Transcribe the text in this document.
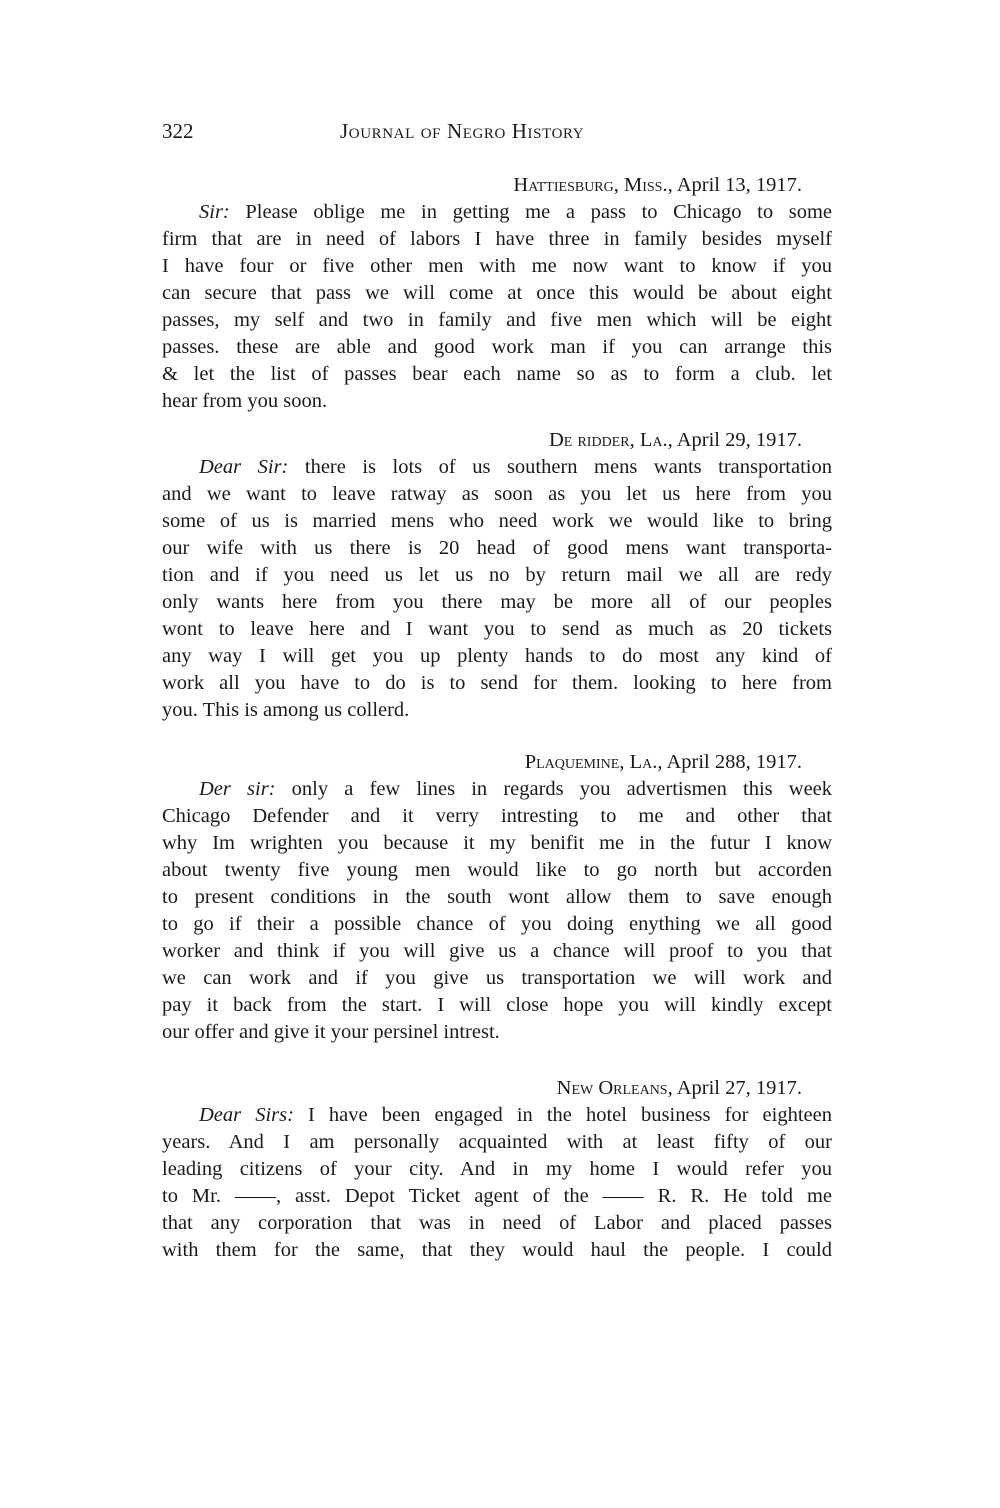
322	Journal of Negro History
Hattiesburg, Miss., April 13, 1917.
Sir: Please oblige me in getting me a pass to Chicago to some
firm that are in need of labors I have three in family besides myself
I have four or five other men with me now want to know if you
can secure that pass we will come at once this would be about eight
passes, my self and two in family and five men which will be eight
passes. these are able and good work man if you can arrange this
& let the list of passes bear each name so as to form a club. let
hear from you soon.
De ridder, La., April 29, 1917.
Dear Sir: there is lots of us southern mens wants transportation
and we want to leave ratway as soon as you let us here from you
some of us is married mens who need work we would like to bring
our wife with us there is 20 head of good mens want transporta-
tion and if you need us let us no by return mail we all are redy
only wants here from you there may be more all of our peoples
wont to leave here and I want you to send as much as 20 tickets
any way I will get you up plenty hands to do most any kind of
work all you have to do is to send for them. looking to here from
you. This is among us collerd.
Plaquemine, La., April 288, 1917.
Der sir: only a few lines in regards you advertismen this week
Chicago Defender and it verry intresting to me and other that
why Im wrighten you because it my benifit me in the futur I know
about twenty five young men would like to go north but accorden
to present conditions in the south wont allow them to save enough
to go if their a possible chance of you doing enything we all good
worker and think if you will give us a chance will proof to you that
we can work and if you give us transportation we will work and
pay it back from the start. I will close hope you will kindly except
our offer and give it your persinel intrest.
New Orleans, April 27, 1917.
Dear Sirs: I have been engaged in the hotel business for eighteen
years. And I am personally acquainted with at least fifty of our
leading citizens of your city. And in my home I would refer you
to Mr. ——, asst. Depot Ticket agent of the —— R. R. He told me
that any corporation that was in need of Labor and placed passes
with them for the same, that they would haul the people. I could
